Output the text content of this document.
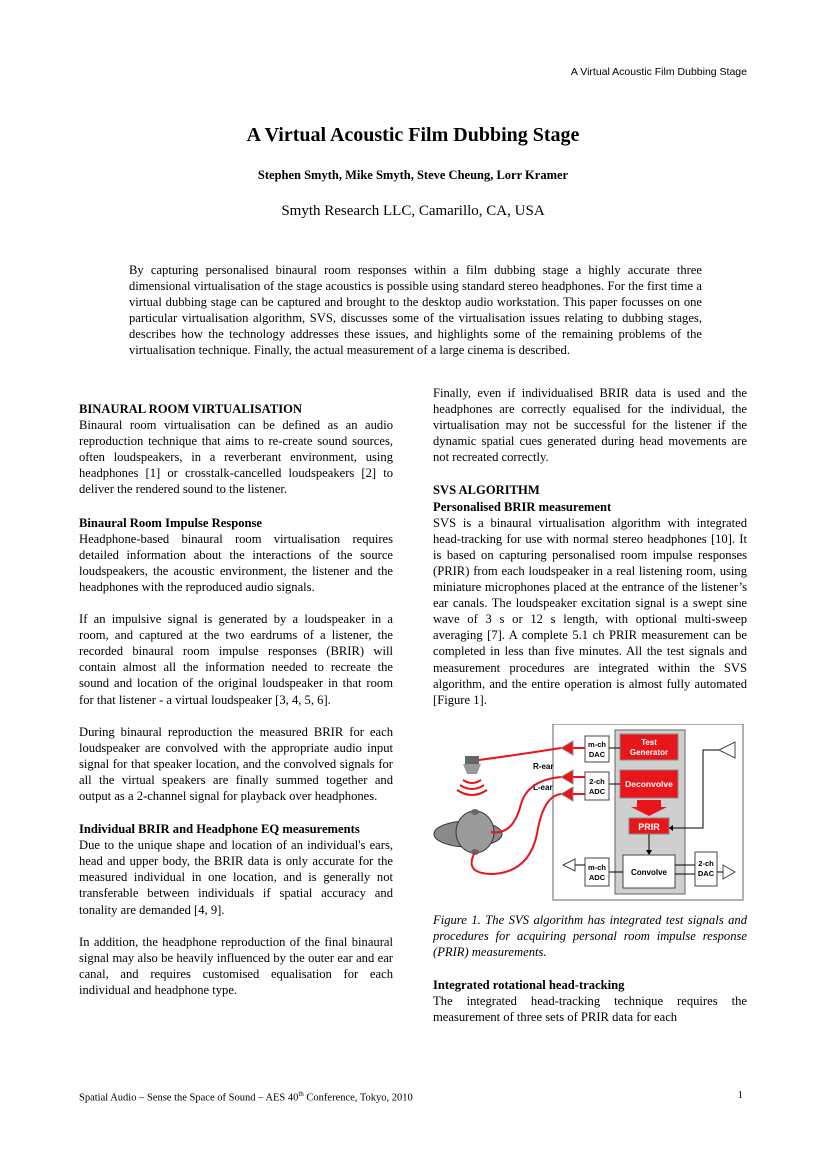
A Virtual Acoustic Film Dubbing Stage
A Virtual Acoustic Film Dubbing Stage
Stephen Smyth, Mike Smyth, Steve Cheung, Lorr Kramer
Smyth Research LLC, Camarillo, CA, USA

By capturing personalised binaural room responses within a film dubbing stage a highly accurate three dimensional virtualisation of the stage acoustics is possible using standard stereo headphones. For the first time a virtual dubbing stage can be captured and brought to the desktop audio workstation. This paper focusses on one particular virtualisation algorithm, SVS, discusses some of the virtualisation issues relating to dubbing stages, describes how the technology addresses these issues, and highlights some of the remaining problems of the virtualisation technique. Finally, the actual measurement of a large cinema is described.

BINAURAL ROOM VIRTUALISATION

Binaural room virtualisation can be defined as an audio reproduction technique that aims to re-create sound sources, often loudspeakers, in a reverberant environment, using headphones [1] or crosstalk-cancelled loudspeakers [2] to deliver the rendered sound to the listener.

Binaural Room Impulse Response

Headphone-based binaural room virtualisation requires detailed information about the interactions of the source loudspeakers, the acoustic environment, the listener and the headphones with the reproduced audio signals.

If an impulsive signal is generated by a loudspeaker in a room, and captured at the two eardrums of a listener, the recorded binaural room impulse responses (BRIR) will contain almost all the information needed to recreate the sound and location of the original loudspeaker in that room for that listener - a virtual loudspeaker [3, 4, 5, 6].

During binaural reproduction the measured BRIR for each loudspeaker are convolved with the appropriate audio input signal for that speaker location, and the convolved signals for all the virtual speakers are finally summed together and output as a 2-channel signal for playback over headphones.

Individual BRIR and Headphone EQ measurements

Due to the unique shape and location of an individual's ears, head and upper body, the BRIR data is only accurate for the measured individual in one location, and is generally not transferable between individuals if spatial accuracy and tonality are demanded [4, 9].

In addition, the headphone reproduction of the final binaural signal may also be heavily influenced by the outer ear and ear canal, and requires customised equalisation for each individual and headphone type.

Finally, even if individualised BRIR data is used and the headphones are correctly equalised for the individual, the virtualisation may not be successful for the listener if the dynamic spatial cues generated during head movements are not recreated correctly.

SVS ALGORITHM
Personalised BRIR measurement

SVS is a binaural virtualisation algorithm with integrated head-tracking for use with normal stereo headphones [10]. It is based on capturing personalised room impulse responses (PRIR) from each loudspeaker in a real listening room, using miniature microphones placed at the entrance of the listener’s ear canals. The loudspeaker excitation signal is a swept sine wave of 3 s or 12 s length, with optional multi-sweep averaging [7]. A complete 5.1 ch PRIR measurement can be completed in less than five minutes. All the test signals and measurement procedures are integrated within the SVS algorithm, and the entire operation is almost fully automated [Figure 1].

Test
Generator
Deconvolve
PRIR
Convolve
m-ch
DAC
2-ch
ADC
m-ch
ADC
2-ch
DAC
R-ear
L-ear
Figure 1. The SVS algorithm has integrated test signals and procedures for acquiring personal room impulse response (PRIR) measurements.
Integrated rotational head-tracking

The integrated head-tracking technique requires the measurement of three sets of PRIR data for each

Spatial Audio – Sense the Space of Sound – AES 40th Conference, Tokyo, 2010	1
